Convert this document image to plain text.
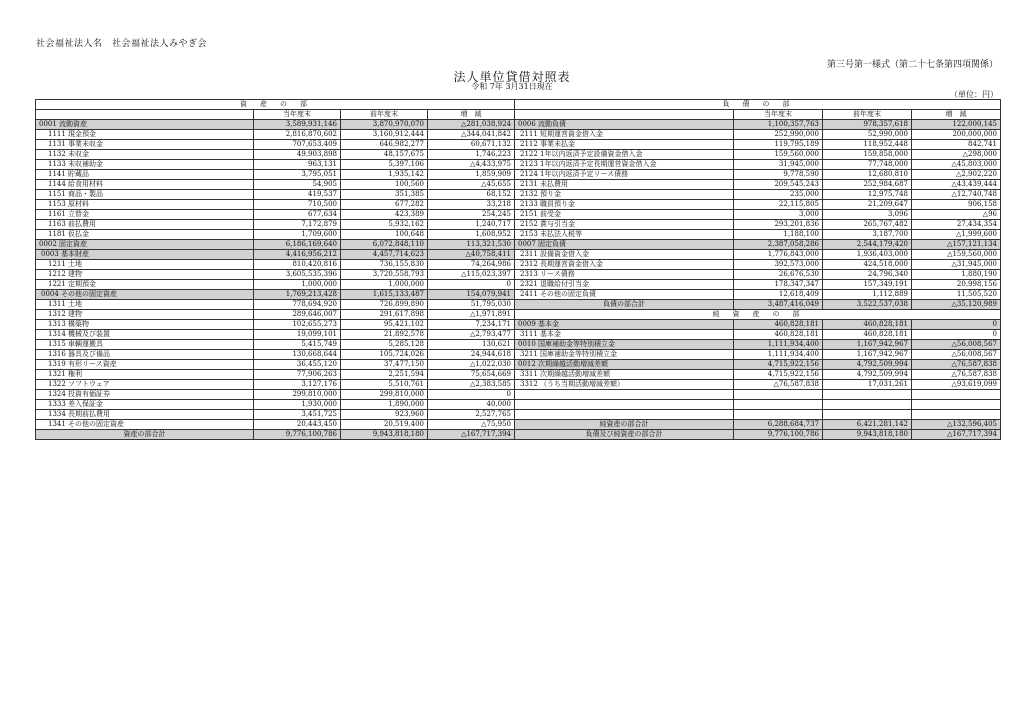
社会福祉法人名　社会福祉法人みやぎ会
第三号第一様式（第二十七条第四項関係）
法人単位貸借対照表
令和 7年 3月31日現在
（単位：円）
資　産　の　部				負　債　の　部			
	当年度末	前年度末	増　減		当年度末	前年度末	増　減
0001 流動資産	3,589,931,146	3,870,970,070	△281,038,924	0006 流動負債	1,100,357,763	978,357,618	122,000,145
1111 現金預金	2,816,870,602	3,160,912,444	△344,041,842	2111 短期運営資金借入金	252,990,000	52,990,000	200,000,000
1131 事業未収金	707,653,409	646,982,277	60,671,132	2112 事業未払金	119,795,189	118,952,448	842,741
1132 未収金	49,903,898	48,157,675	1,746,223	2122 1年以内返済予定設備資金借入金	159,560,000	159,858,000	△298,000
1133 未収補助金	963,131	5,397,106	△4,433,975	2123 1年以内返済予定長期運営資金借入金	31,945,000	77,748,000	△45,803,000
1141 貯蔵品	3,795,051	1,935,142	1,859,909	2124 1年以内返済予定リース債務	9,778,590	12,680,810	△2,902,220
1144 給食用材料	54,905	100,560	△45,655	2131 未払費用	209,545,243	252,984,687	△43,439,444
1151 商品・製品	419,537	351,385	68,152	2132 預り金	235,000	12,975,748	△12,740,748
1153 原材料	710,500	677,282	33,218	2133 職員預り金	22,115,805	21,209,647	906,158
1161 立替金	677,634	423,389	254,245	2151 前受金	3,000	3,096	△96
1163 前払費用	7,172,879	5,932,162	1,240,717	2152 賞与引当金	293,201,836	265,767,482	27,434,354
1181 仮払金	1,709,600	100,648	1,608,952	2153 未払法人税等	1,188,100	3,187,700	△1,999,600
0002 固定資産	6,186,169,640	6,072,848,110	113,321,530	0007 固定負債	2,387,058,286	2,544,179,420	△157,121,134
0003 基本財産	4,416,956,212	4,457,714,623	△40,758,411	2311 設備資金借入金	1,776,843,000	1,936,403,000	△159,560,000
1211 土地	810,420,816	736,155,830	74,264,986	2312 長期運営資金借入金	392,573,000	424,518,000	△31,945,000
1212 建物	3,605,535,396	3,720,558,793	△115,023,397	2313 リース債務	26,676,530	24,796,340	1,880,190
1221 定期預金	1,000,000	1,000,000	0	2321 退職給付引当金	178,347,347	157,349,191	20,998,156
0004 その他の固定資産	1,769,213,428	1,615,133,487	154,079,941	2411 その他の固定負債	12,618,409	1,112,889	11,505,520
1311 土地	778,694,920	726,899,890	51,795,030	負債の部合計	3,487,416,049	3,522,537,038	△35,120,989
1312 建物	289,646,007	291,617,898	△1,971,891	純　資　産　の　部			
1313 構築物	102,655,273	95,421,102	7,234,171	0009 基本金	460,828,181	460,828,181	0
1314 機械及び装置	19,099,101	21,892,578	△2,793,477	3111 基本金	460,828,181	460,828,181	0
1315 車輌運搬具	5,415,749	5,285,128	130,621	0010 国庫補助金等特別積立金	1,111,934,400	1,167,942,967	△56,008,567
1316 器具及び備品	130,668,644	105,724,026	24,944,618	3211 国庫補助金等特別積立金	1,111,934,400	1,167,942,967	△56,008,567
1319 有形リース資産	36,455,120	37,477,150	△1,022,030	0012 次期繰越活動増減差額	4,715,922,156	4,792,509,994	△76,587,838
1321 権利	77,906,263	2,251,594	75,654,669	3311 次期繰越活動増減差額	4,715,922,156	4,792,509,994	△76,587,838
1322 ソフトウェア	3,127,176	5,510,761	△2,383,585	3312 （うち当期活動増減差額）	△76,587,838	17,031,261	△93,619,099
1324 投資有価証券	299,810,000	299,810,000	0				
1333 差入保証金	1,930,000	1,890,000	40,000				
1334 長期前払費用	3,451,725	923,960	2,527,765				
1341 その他の固定資産	20,443,450	20,519,400	△75,950	純資産の部合計	6,288,684,737	6,421,281,142	△132,596,405
資産の部合計	9,776,100,786	9,943,818,180	△167,717,394	負債及び純資産の部合計	9,776,100,786	9,943,818,180	△167,717,394
